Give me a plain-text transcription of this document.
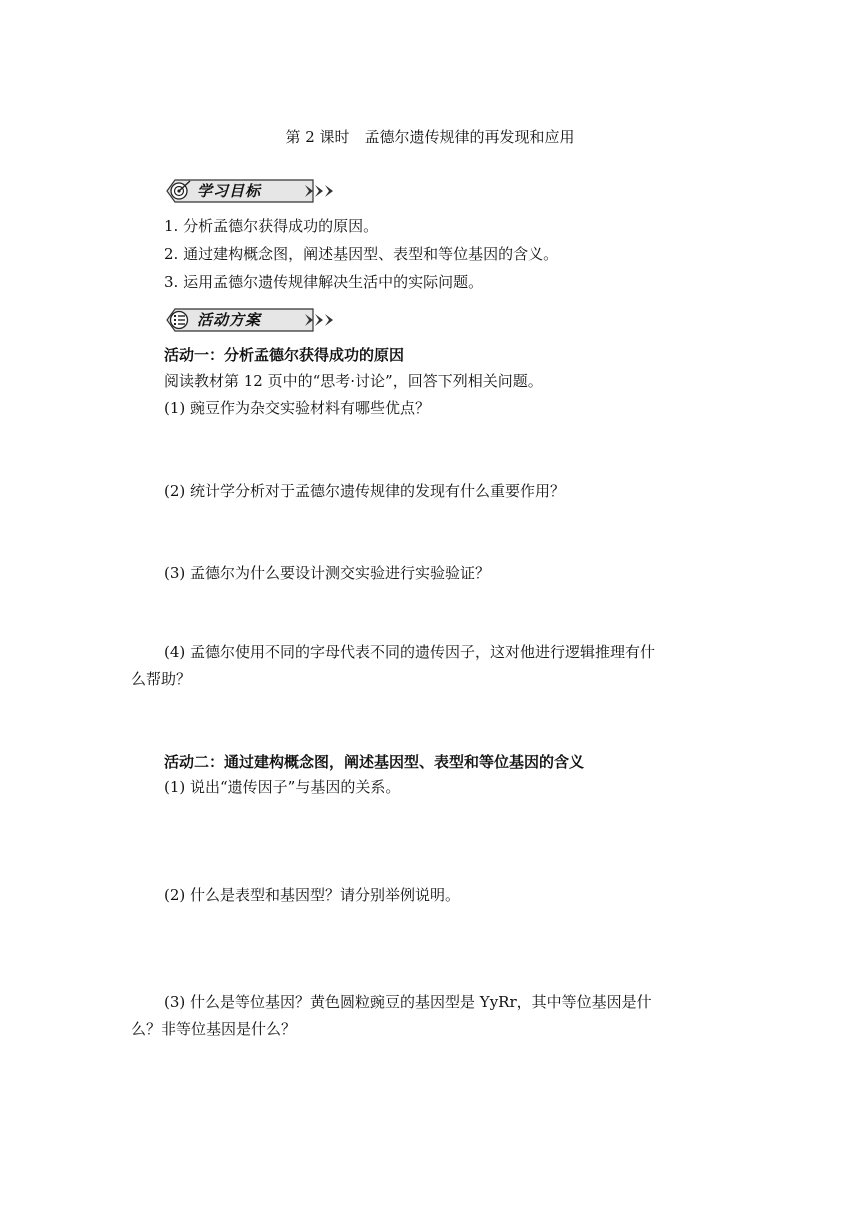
第 2 课时　孟德尔遗传规律的再发现和应用
学习目标
1. 分析孟德尔获得成功的原因。
2. 通过建构概念图，阐述基因型、表型和等位基因的含义。
3. 运用孟德尔遗传规律解决生活中的实际问题。
活动方案
活动一：分析孟德尔获得成功的原因
阅读教材第 12 页中的“思考·讨论”，回答下列相关问题。
(1) 豌豆作为杂交实验材料有哪些优点？
(2) 统计学分析对于孟德尔遗传规律的发现有什么重要作用？
(3) 孟德尔为什么要设计测交实验进行实验验证？
(4) 孟德尔使用不同的字母代表不同的遗传因子，这对他进行逻辑推理有什
么帮助？
活动二：通过建构概念图，阐述基因型、表型和等位基因的含义
(1) 说出“遗传因子”与基因的关系。
(2) 什么是表型和基因型？请分别举例说明。
(3) 什么是等位基因？黄色圆粒豌豆的基因型是 YyRr，其中等位基因是什
么？非等位基因是什么？
